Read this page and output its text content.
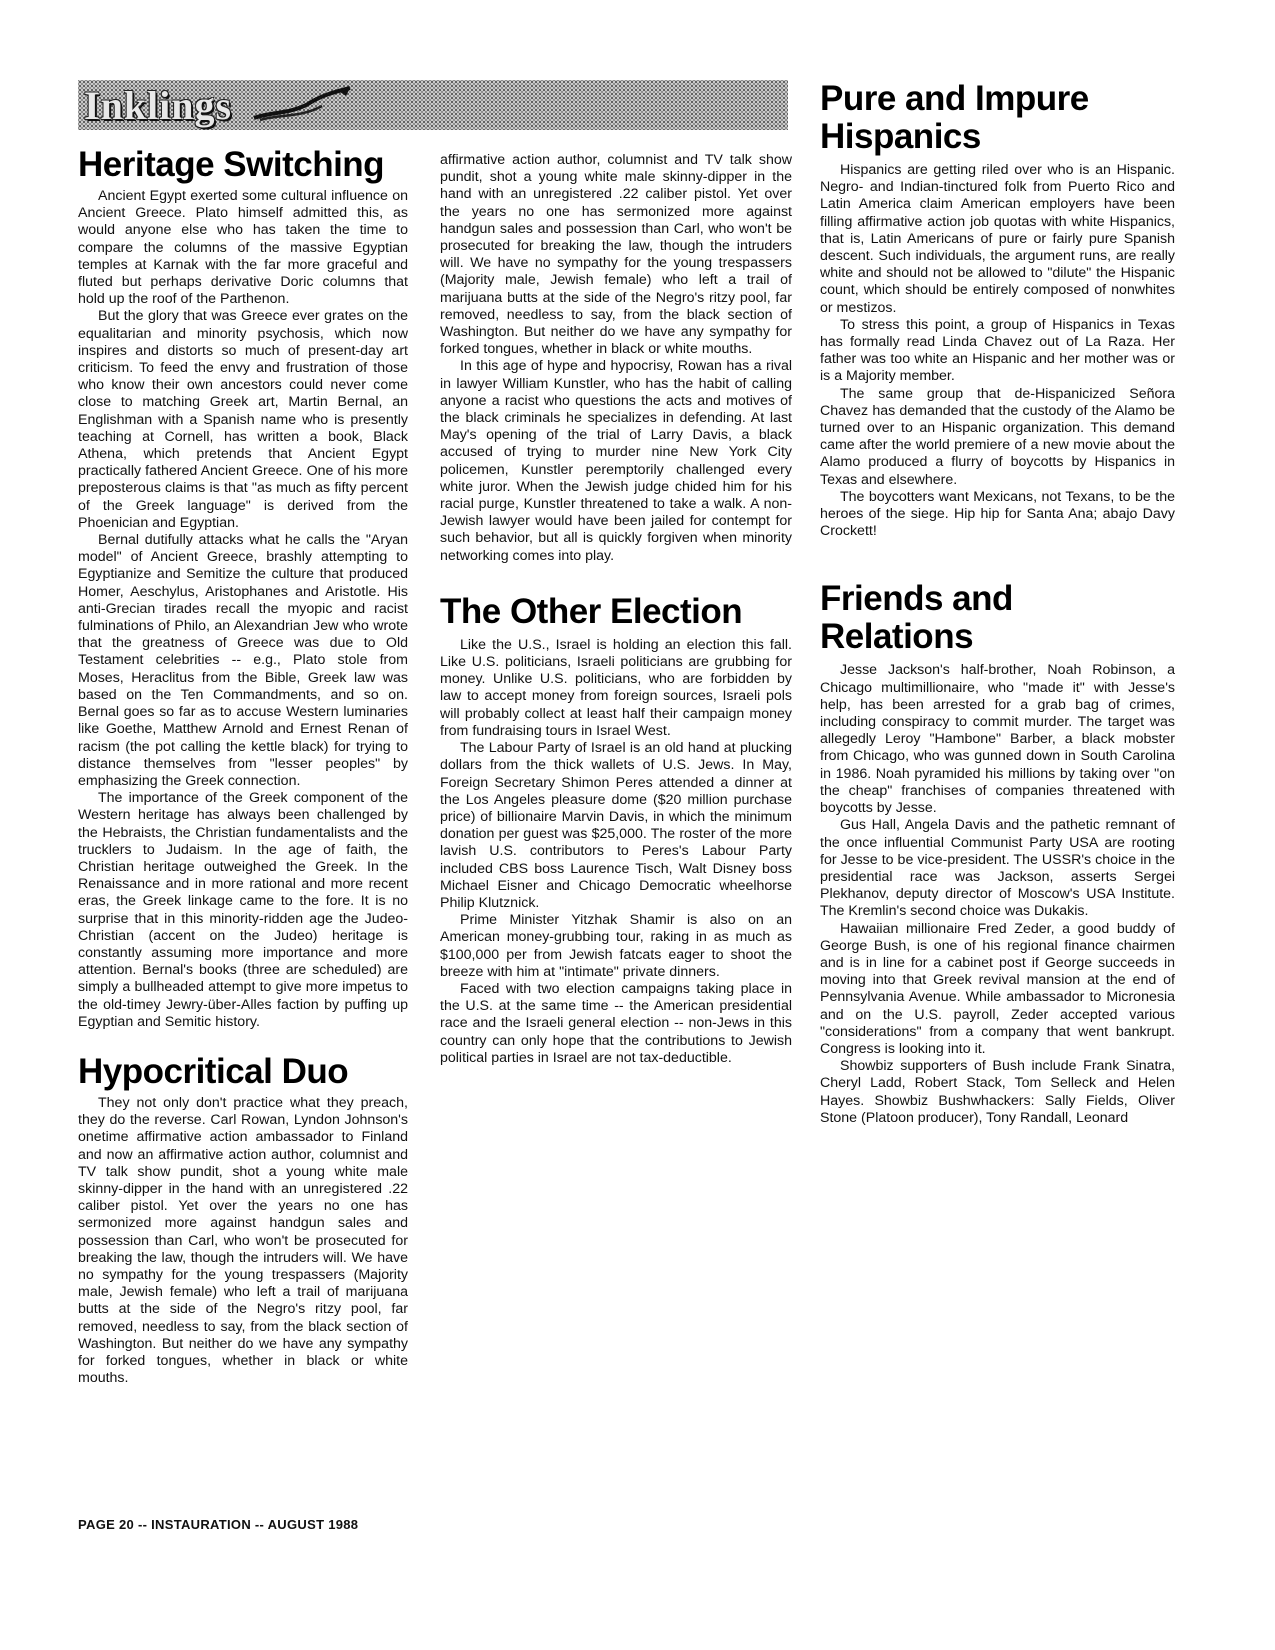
Inklings
Heritage Switching

Ancient Egypt exerted some cultural influence on Ancient Greece. Plato himself admitted this, as would anyone else who has taken the time to compare the columns of the massive Egyptian temples at Karnak with the far more graceful and fluted but perhaps derivative Doric columns that hold up the roof of the Parthenon.

But the glory that was Greece ever grates on the equalitarian and minority psychosis, which now inspires and distorts so much of present-day art criticism. To feed the envy and frustration of those who know their own ancestors could never come close to matching Greek art, Martin Bernal, an Englishman with a Spanish name who is presently teaching at Cornell, has written a book, Black Athena, which pretends that Ancient Egypt practically fathered Ancient Greece. One of his more preposterous claims is that "as much as fifty percent of the Greek language" is derived from the Phoenician and Egyptian.

Bernal dutifully attacks what he calls the "Aryan model" of Ancient Greece, brashly attempting to Egyptianize and Semitize the culture that produced Homer, Aeschylus, Aristophanes and Aristotle. His anti-Grecian tirades recall the myopic and racist fulminations of Philo, an Alexandrian Jew who wrote that the greatness of Greece was due to Old Testament celebrities -- e.g., Plato stole from Moses, Heraclitus from the Bible, Greek law was based on the Ten Commandments, and so on. Bernal goes so far as to accuse Western luminaries like Goethe, Matthew Arnold and Ernest Renan of racism (the pot calling the kettle black) for trying to distance themselves from "lesser peoples" by emphasizing the Greek connection.

The importance of the Greek component of the Western heritage has always been challenged by the Hebraists, the Christian fundamentalists and the trucklers to Judaism. In the age of faith, the Christian heritage outweighed the Greek. In the Renaissance and in more rational and more recent eras, the Greek linkage came to the fore. It is no surprise that in this minority-ridden age the Judeo-Christian (accent on the Judeo) heritage is constantly assuming more importance and more attention. Bernal's books (three are scheduled) are simply a bullheaded attempt to give more impetus to the old-timey Jewry-über-Alles faction by puffing up Egyptian and Semitic history.

Hypocritical Duo

They not only don't practice what they preach, they do the reverse. Carl Rowan, Lyndon Johnson's onetime affirmative action ambassador to Finland and now an affirmative action author, columnist and TV talk show pundit, shot a young white male skinny-dipper in the hand with an unregistered .22 caliber pistol. Yet over the years no one has sermonized more against handgun sales and possession than Carl, who won't be prosecuted for breaking the law, though the intruders will. We have no sympathy for the young trespassers (Majority male, Jewish female) who left a trail of marijuana butts at the side of the Negro's ritzy pool, far removed, needless to say, from the black section of Washington. But neither do we have any sympathy for forked tongues, whether in black or white mouths.

affirmative action author, columnist and TV talk show pundit, shot a young white male skinny-dipper in the hand with an unregistered .22 caliber pistol. Yet over the years no one has sermonized more against handgun sales and possession than Carl, who won't be prosecuted for breaking the law, though the intruders will. We have no sympathy for the young trespassers (Majority male, Jewish female) who left a trail of marijuana butts at the side of the Negro's ritzy pool, far removed, needless to say, from the black section of Washington. But neither do we have any sympathy for forked tongues, whether in black or white mouths.

In this age of hype and hypocrisy, Rowan has a rival in lawyer William Kunstler, who has the habit of calling anyone a racist who questions the acts and motives of the black criminals he specializes in defending. At last May's opening of the trial of Larry Davis, a black accused of trying to murder nine New York City policemen, Kunstler peremptorily challenged every white juror. When the Jewish judge chided him for his racial purge, Kunstler threatened to take a walk. A non-Jewish lawyer would have been jailed for contempt for such behavior, but all is quickly forgiven when minority networking comes into play.

The Other Election

Like the U.S., Israel is holding an election this fall. Like U.S. politicians, Israeli politicians are grubbing for money. Unlike U.S. politicians, who are forbidden by law to accept money from foreign sources, Israeli pols will probably collect at least half their campaign money from fundraising tours in Israel West.

The Labour Party of Israel is an old hand at plucking dollars from the thick wallets of U.S. Jews. In May, Foreign Secretary Shimon Peres attended a dinner at the Los Angeles pleasure dome ($20 million purchase price) of billionaire Marvin Davis, in which the minimum donation per guest was $25,000. The roster of the more lavish U.S. contributors to Peres's Labour Party included CBS boss Laurence Tisch, Walt Disney boss Michael Eisner and Chicago Democratic wheelhorse Philip Klutznick.

Prime Minister Yitzhak Shamir is also on an American money-grubbing tour, raking in as much as $100,000 per from Jewish fatcats eager to shoot the breeze with him at "intimate" private dinners.

Faced with two election campaigns taking place in the U.S. at the same time -- the American presidential race and the Israeli general election -- non-Jews in this country can only hope that the contributions to Jewish political parties in Israel are not tax-deductible.

Pure and Impure Hispanics

Hispanics are getting riled over who is an Hispanic. Negro- and Indian-tinctured folk from Puerto Rico and Latin America claim American employers have been filling affirmative action job quotas with white Hispanics, that is, Latin Americans of pure or fairly pure Spanish descent. Such individuals, the argument runs, are really white and should not be allowed to "dilute" the Hispanic count, which should be entirely composed of nonwhites or mestizos.

To stress this point, a group of Hispanics in Texas has formally read Linda Chavez out of La Raza. Her father was too white an Hispanic and her mother was or is a Majority member.

The same group that de-Hispanicized Señora Chavez has demanded that the custody of the Alamo be turned over to an Hispanic organization. This demand came after the world premiere of a new movie about the Alamo produced a flurry of boycotts by Hispanics in Texas and elsewhere.

The boycotters want Mexicans, not Texans, to be the heroes of the siege. Hip hip for Santa Ana; abajo Davy Crockett!

Friends and Relations

Jesse Jackson's half-brother, Noah Robinson, a Chicago multimillionaire, who "made it" with Jesse's help, has been arrested for a grab bag of crimes, including conspiracy to commit murder. The target was allegedly Leroy "Hambone" Barber, a black mobster from Chicago, who was gunned down in South Carolina in 1986. Noah pyramided his millions by taking over "on the cheap" franchises of companies threatened with boycotts by Jesse.

Gus Hall, Angela Davis and the pathetic remnant of the once influential Communist Party USA are rooting for Jesse to be vice-president. The USSR's choice in the presidential race was Jackson, asserts Sergei Plekhanov, deputy director of Moscow's USA Institute. The Kremlin's second choice was Dukakis.

Hawaiian millionaire Fred Zeder, a good buddy of George Bush, is one of his regional finance chairmen and is in line for a cabinet post if George succeeds in moving into that Greek revival mansion at the end of Pennsylvania Avenue. While ambassador to Micronesia and on the U.S. payroll, Zeder accepted various "considerations" from a company that went bankrupt. Congress is looking into it.

Showbiz supporters of Bush include Frank Sinatra, Cheryl Ladd, Robert Stack, Tom Selleck and Helen Hayes. Showbiz Bushwhackers: Sally Fields, Oliver Stone (Platoon producer), Tony Randall, Leonard

PAGE 20 -- INSTAURATION -- AUGUST 1988
